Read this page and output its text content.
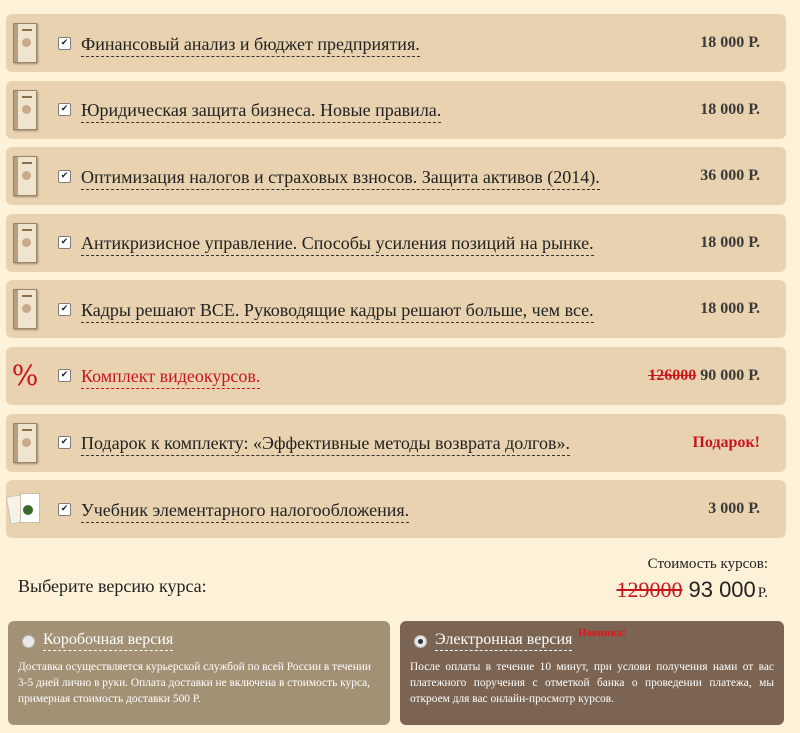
✔ Финансовый анализ и бюджет предприятия.	18 000 Р.
✔ Юридическая защита бизнеса. Новые правила.	18 000 Р.
✔ Оптимизация налогов и страховых взносов. Защита активов (2014).	36 000 Р.
✔ Антикризисное управление. Способы усиления позиций на рынке.	18 000 Р.
✔ Кадры решают ВСЕ. Руководящие кадры решают больше, чем все.	18 000 Р.
%	✔ Комплект видеокурсов.	126000 90 000 Р.
✔ Подарок к комплекту: «Эффективные методы возврата долгов».	Подарок!
✔ Учебник элементарного налогообложения.	3 000 Р.
Выберите версию курса:
Стоимость курсов:
129000 93 000 Р.
Коробочная версия
Доставка осуществляется курьерской службой по всей России в течении 3-5 дней лично в руки. Оплата доставки не включена в стоимость курса, примерная стоимость доставки 500 Р.
Электронная версия Новинка!
После оплаты в течение 10 минут, при услови получения нами от вас платежного поручения с отметкой банка о проведении платежа, мы откроем для вас онлайн-просмотр курсов.
